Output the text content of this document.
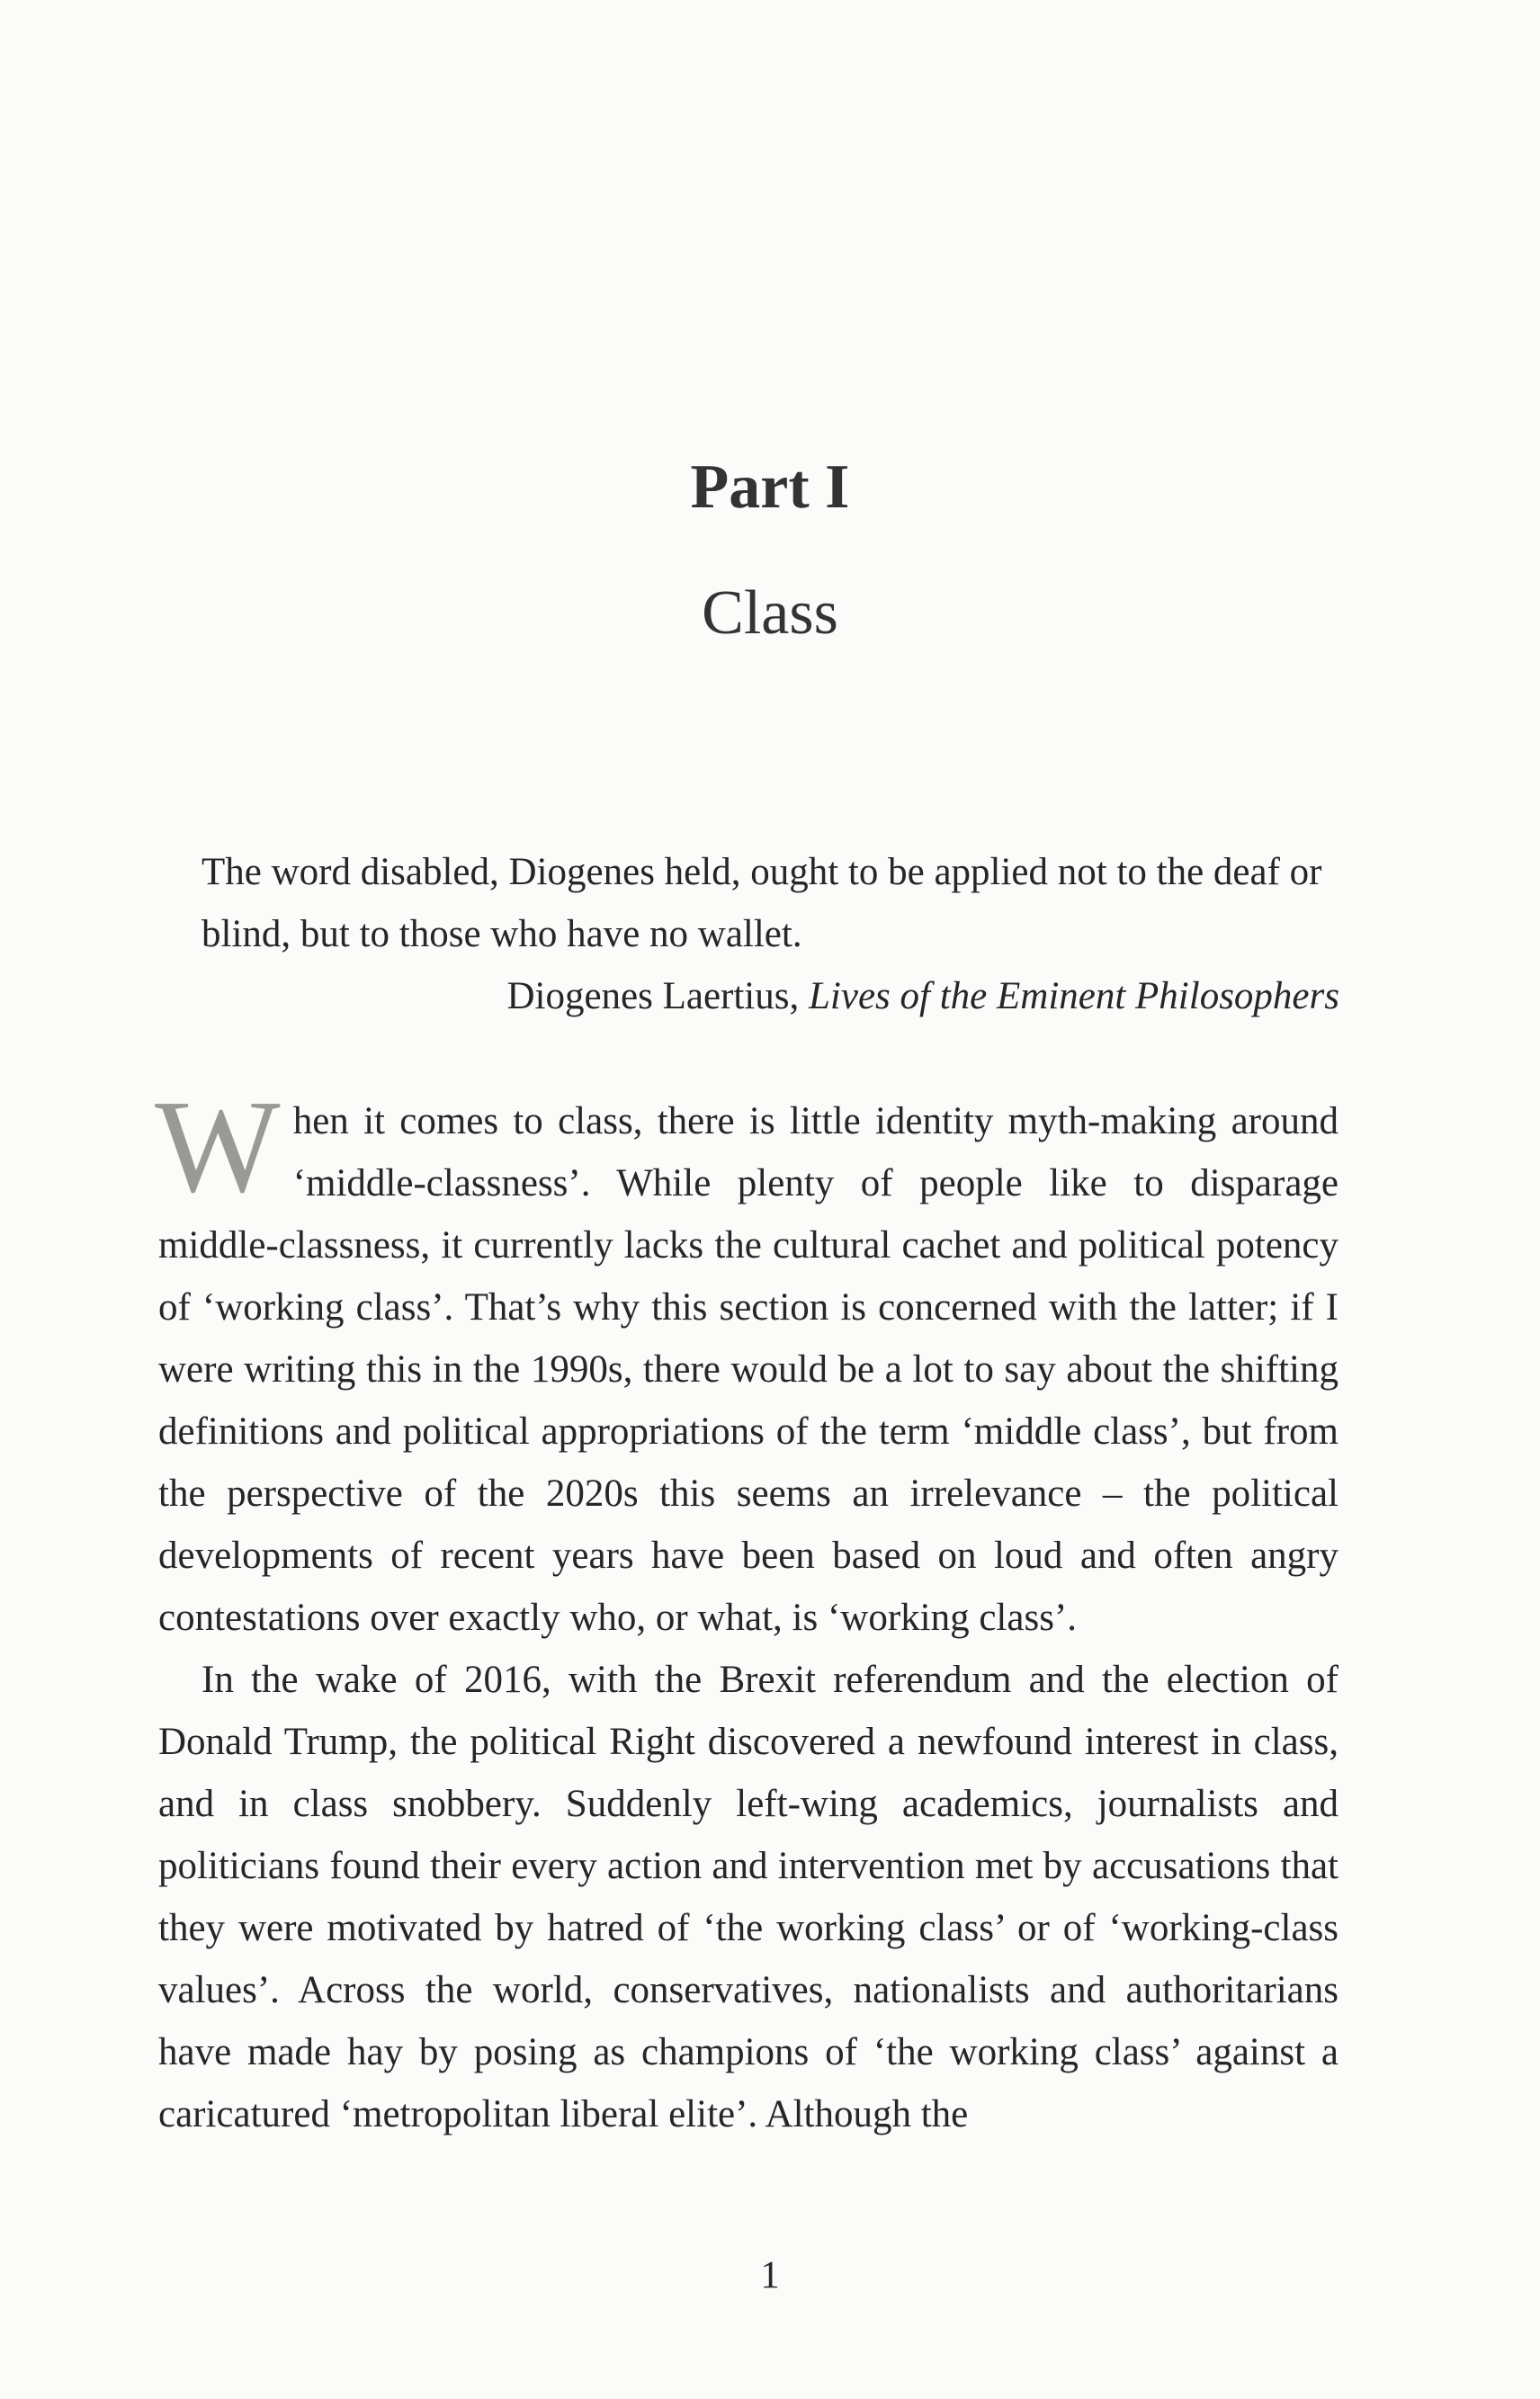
Part I
Class

The word disabled, Diogenes held, ought to be applied not to the deaf or blind, but to those who have no wallet.

Diogenes Laertius, Lives of the Eminent Philosophers

When it comes to class, there is little identity myth-making around ‘middle-classness’. While plenty of people like to disparage middle-classness, it currently lacks the cultural cachet and political potency of ‘working class’. That’s why this section is concerned with the latter; if I were writing this in the 1990s, there would be a lot to say about the shifting definitions and political appropriations of the term ‘middle class’, but from the perspective of the 2020s this seems an irrelevance – the political developments of recent years have been based on loud and often angry contestations over exactly who, or what, is ‘working class’.

In the wake of 2016, with the Brexit referendum and the election of Donald Trump, the political Right discovered a newfound interest in class, and in class snobbery. Suddenly left-wing academics, journalists and politicians found their every action and intervention met by accusations that they were motivated by hatred of ‘the working class’ or of ‘working-class values’. Across the world, conservatives, nationalists and authoritarians have made hay by posing as champions of ‘the working class’ against a caricatured ‘metropolitan liberal elite’. Although the

1
